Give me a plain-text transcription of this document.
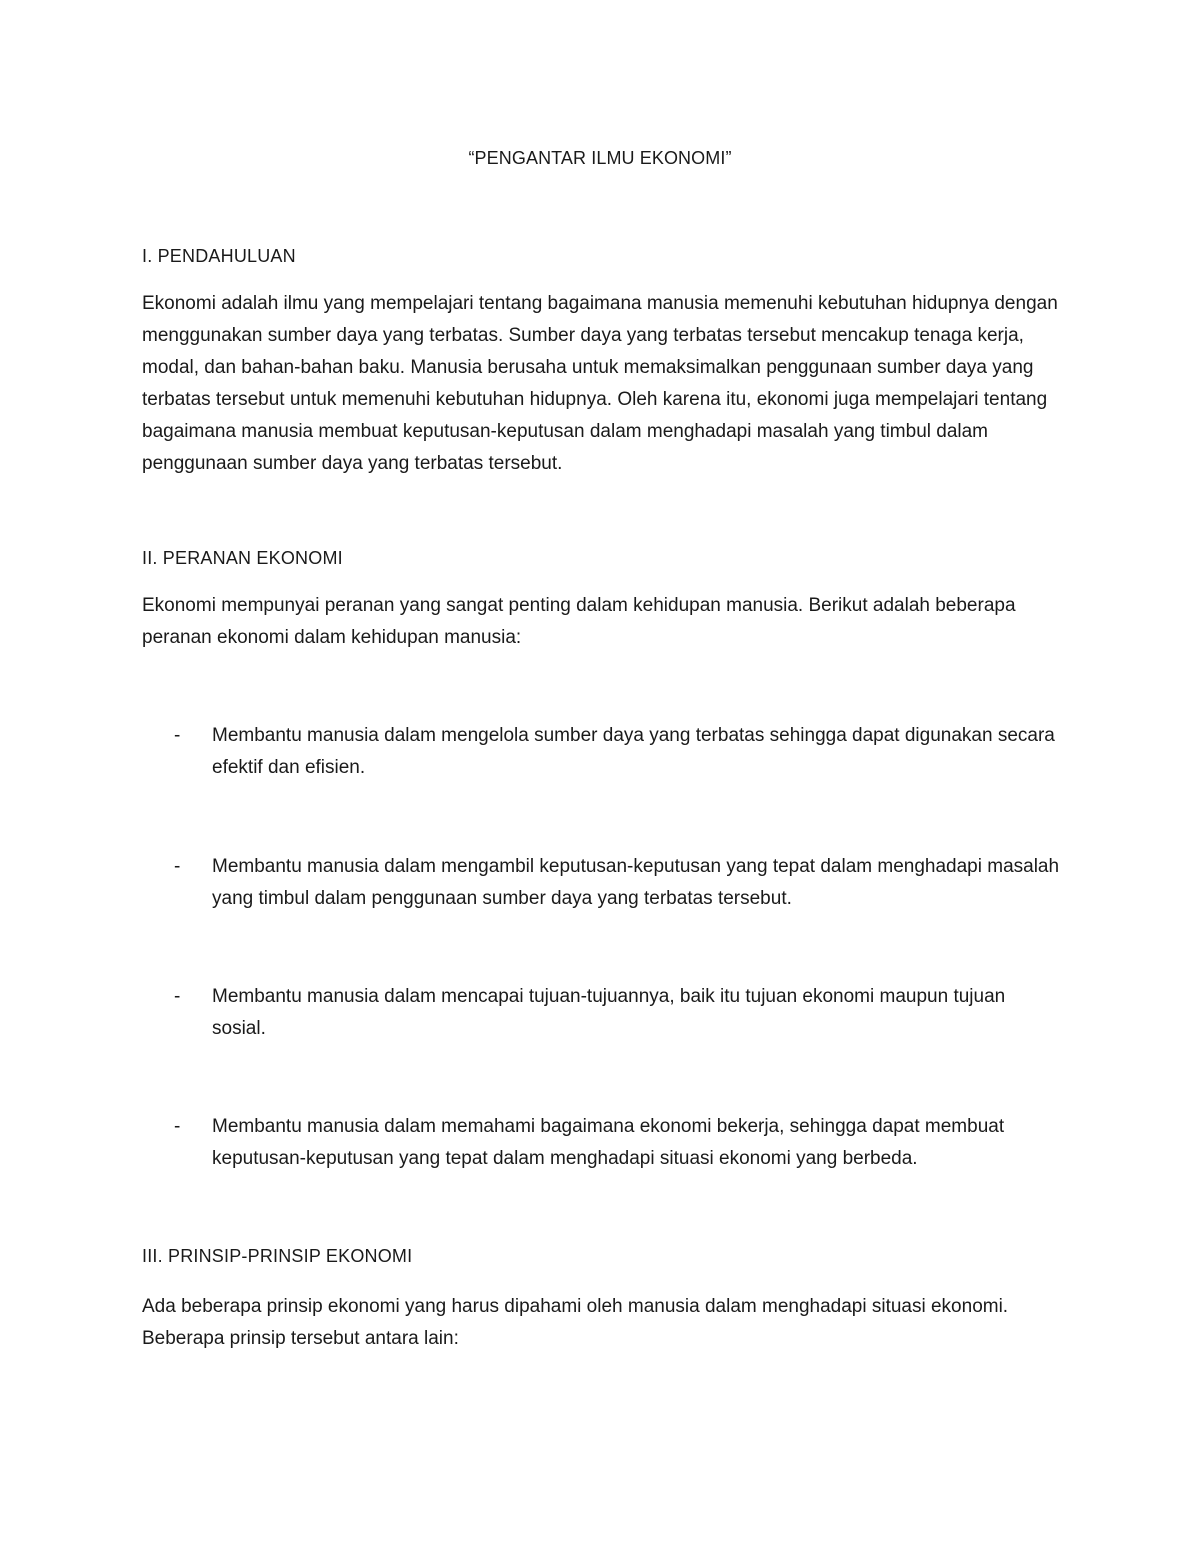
“PENGANTAR ILMU EKONOMI”
I. PENDAHULUAN

Ekonomi adalah ilmu yang mempelajari tentang bagaimana manusia memenuhi kebutuhan hidupnya dengan menggunakan sumber daya yang terbatas. Sumber daya yang terbatas tersebut mencakup tenaga kerja, modal, dan bahan-bahan baku. Manusia berusaha untuk memaksimalkan penggunaan sumber daya yang terbatas tersebut untuk memenuhi kebutuhan hidupnya. Oleh karena itu, ekonomi juga mempelajari tentang bagaimana manusia membuat keputusan-keputusan dalam menghadapi masalah yang timbul dalam penggunaan sumber daya yang terbatas tersebut.

II. PERANAN EKONOMI

Ekonomi mempunyai peranan yang sangat penting dalam kehidupan manusia. Berikut adalah beberapa peranan ekonomi dalam kehidupan manusia:

-	Membantu manusia dalam mengelola sumber daya yang terbatas sehingga dapat digunakan secara efektif dan efisien.
-	Membantu manusia dalam mengambil keputusan-keputusan yang tepat dalam menghadapi masalah yang timbul dalam penggunaan sumber daya yang terbatas tersebut.
-	Membantu manusia dalam mencapai tujuan-tujuannya, baik itu tujuan ekonomi maupun tujuan sosial.
-	Membantu manusia dalam memahami bagaimana ekonomi bekerja, sehingga dapat membuat keputusan-keputusan yang tepat dalam menghadapi situasi ekonomi yang berbeda.
III. PRINSIP-PRINSIP EKONOMI

Ada beberapa prinsip ekonomi yang harus dipahami oleh manusia dalam menghadapi situasi ekonomi. Beberapa prinsip tersebut antara lain:
